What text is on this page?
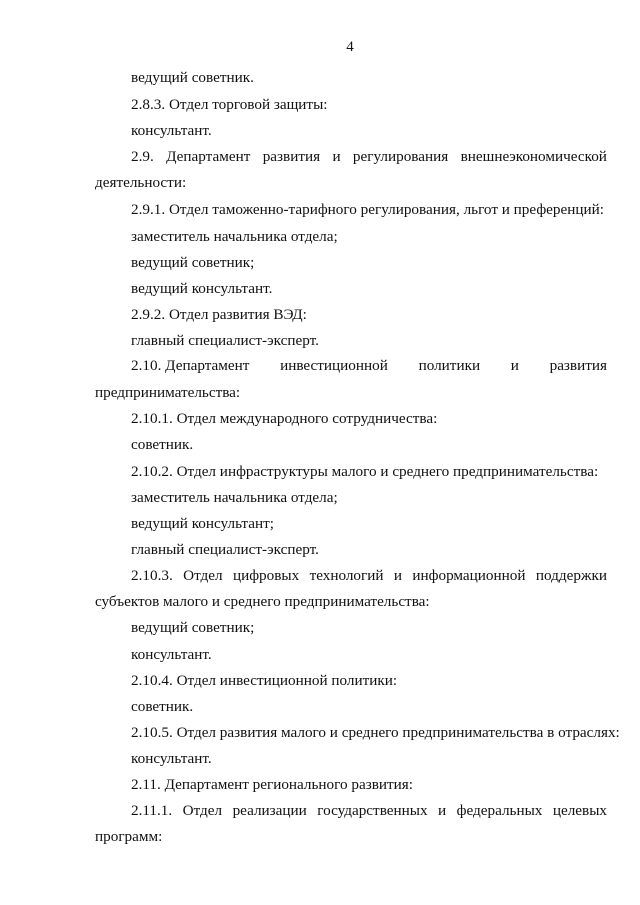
4
ведущий советник.
2.8.3. Отдел торговой защиты:
консультант.
2.9. Департамент развития и регулирования внешнеэкономической
деятельности:
2.9.1. Отдел таможенно-тарифного регулирования, льгот и преференций:
заместитель начальника отдела;
ведущий советник;
ведущий консультант.
2.9.2. Отдел развития ВЭД:
главный специалист-эксперт.
2.10. Департамент инвестиционной политики и развития
предпринимательства:
2.10.1. Отдел международного сотрудничества:
советник.
2.10.2. Отдел инфраструктуры малого и среднего предпринимательства:
заместитель начальника отдела;
ведущий консультант;
главный специалист-эксперт.
2.10.3. Отдел цифровых технологий и информационной поддержки
субъектов малого и среднего предпринимательства:
ведущий советник;
консультант.
2.10.4. Отдел инвестиционной политики:
советник.
2.10.5. Отдел развития малого и среднего предпринимательства в отраслях:
консультант.
2.11. Департамент регионального развития:
2.11.1. Отдел реализации государственных и федеральных целевых
программ:
